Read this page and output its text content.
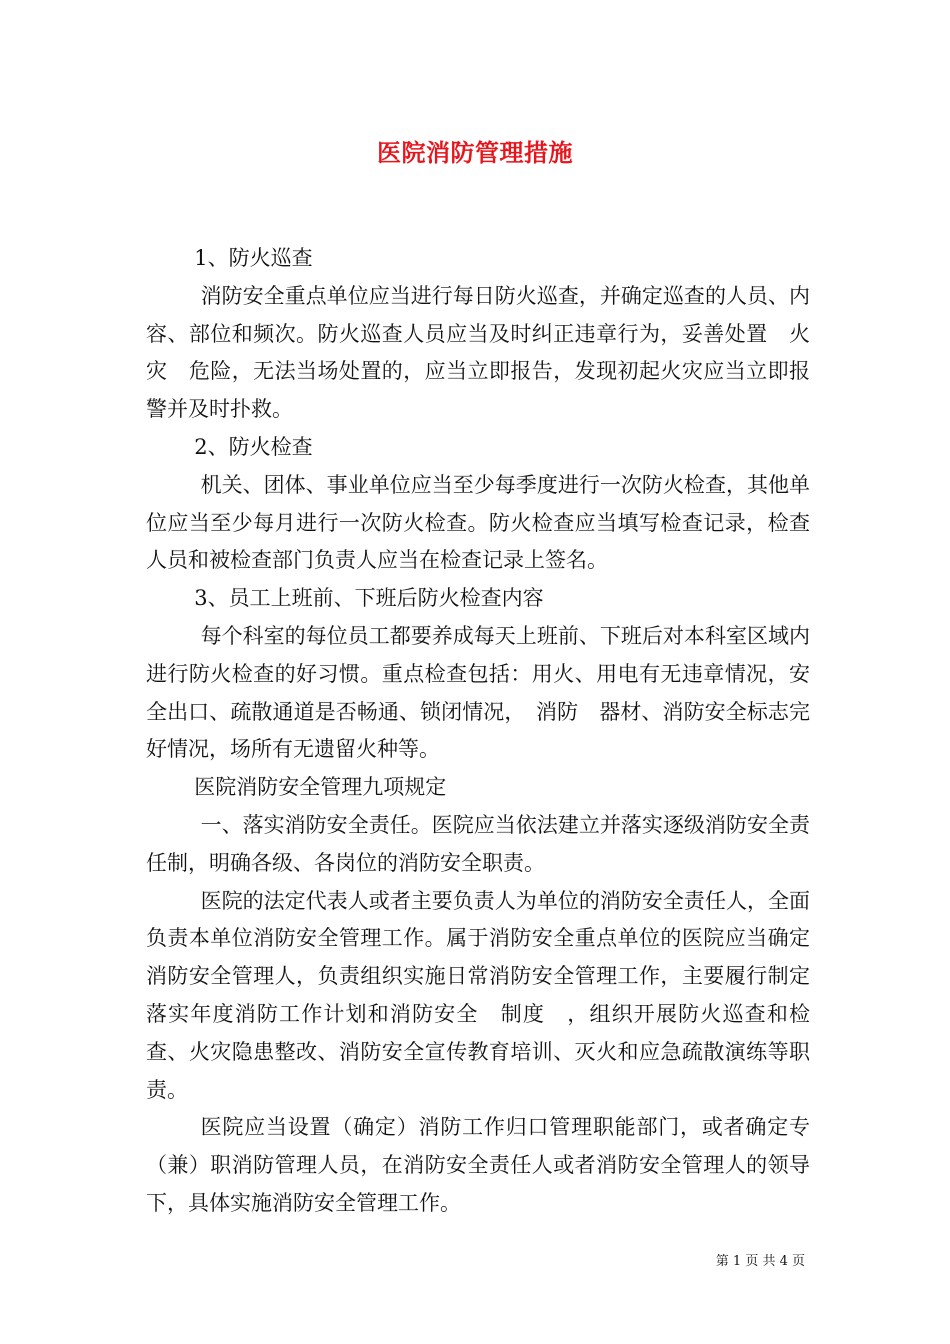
医院消防管理措施

1、防火巡查

消防安全重点单位应当进行每日防火巡查，并确定巡查的人员、内容、部位和频次。防火巡查人员应当及时纠正违章行为，妥善处置　火灾　危险，无法当场处置的，应当立即报告，发现初起火灾应当立即报警并及时扑救。

2、防火检查

机关、团体、事业单位应当至少每季度进行一次防火检查，其他单位应当至少每月进行一次防火检查。防火检查应当填写检查记录，检查人员和被检查部门负责人应当在检查记录上签名。

3、员工上班前、下班后防火检查内容

每个科室的每位员工都要养成每天上班前、下班后对本科室区域内进行防火检查的好习惯。重点检查包括：用火、用电有无违章情况，安全出口、疏散通道是否畅通、锁闭情况，　消防　器材、消防安全标志完好情况，场所有无遗留火种等。

医院消防安全管理九项规定

一、落实消防安全责任。医院应当依法建立并落实逐级消防安全责任制，明确各级、各岗位的消防安全职责。

医院的法定代表人或者主要负责人为单位的消防安全责任人，全面负责本单位消防安全管理工作。属于消防安全重点单位的医院应当确定消防安全管理人，负责组织实施日常消防安全管理工作，主要履行制定落实年度消防工作计划和消防安全　制度　，组织开展防火巡查和检查、火灾隐患整改、消防安全宣传教育培训、灭火和应急疏散演练等职责。

医院应当设置（确定）消防工作归口管理职能部门，或者确定专（兼）职消防管理人员，在消防安全责任人或者消防安全管理人的领导下，具体实施消防安全管理工作。

第 1 页 共 4 页
